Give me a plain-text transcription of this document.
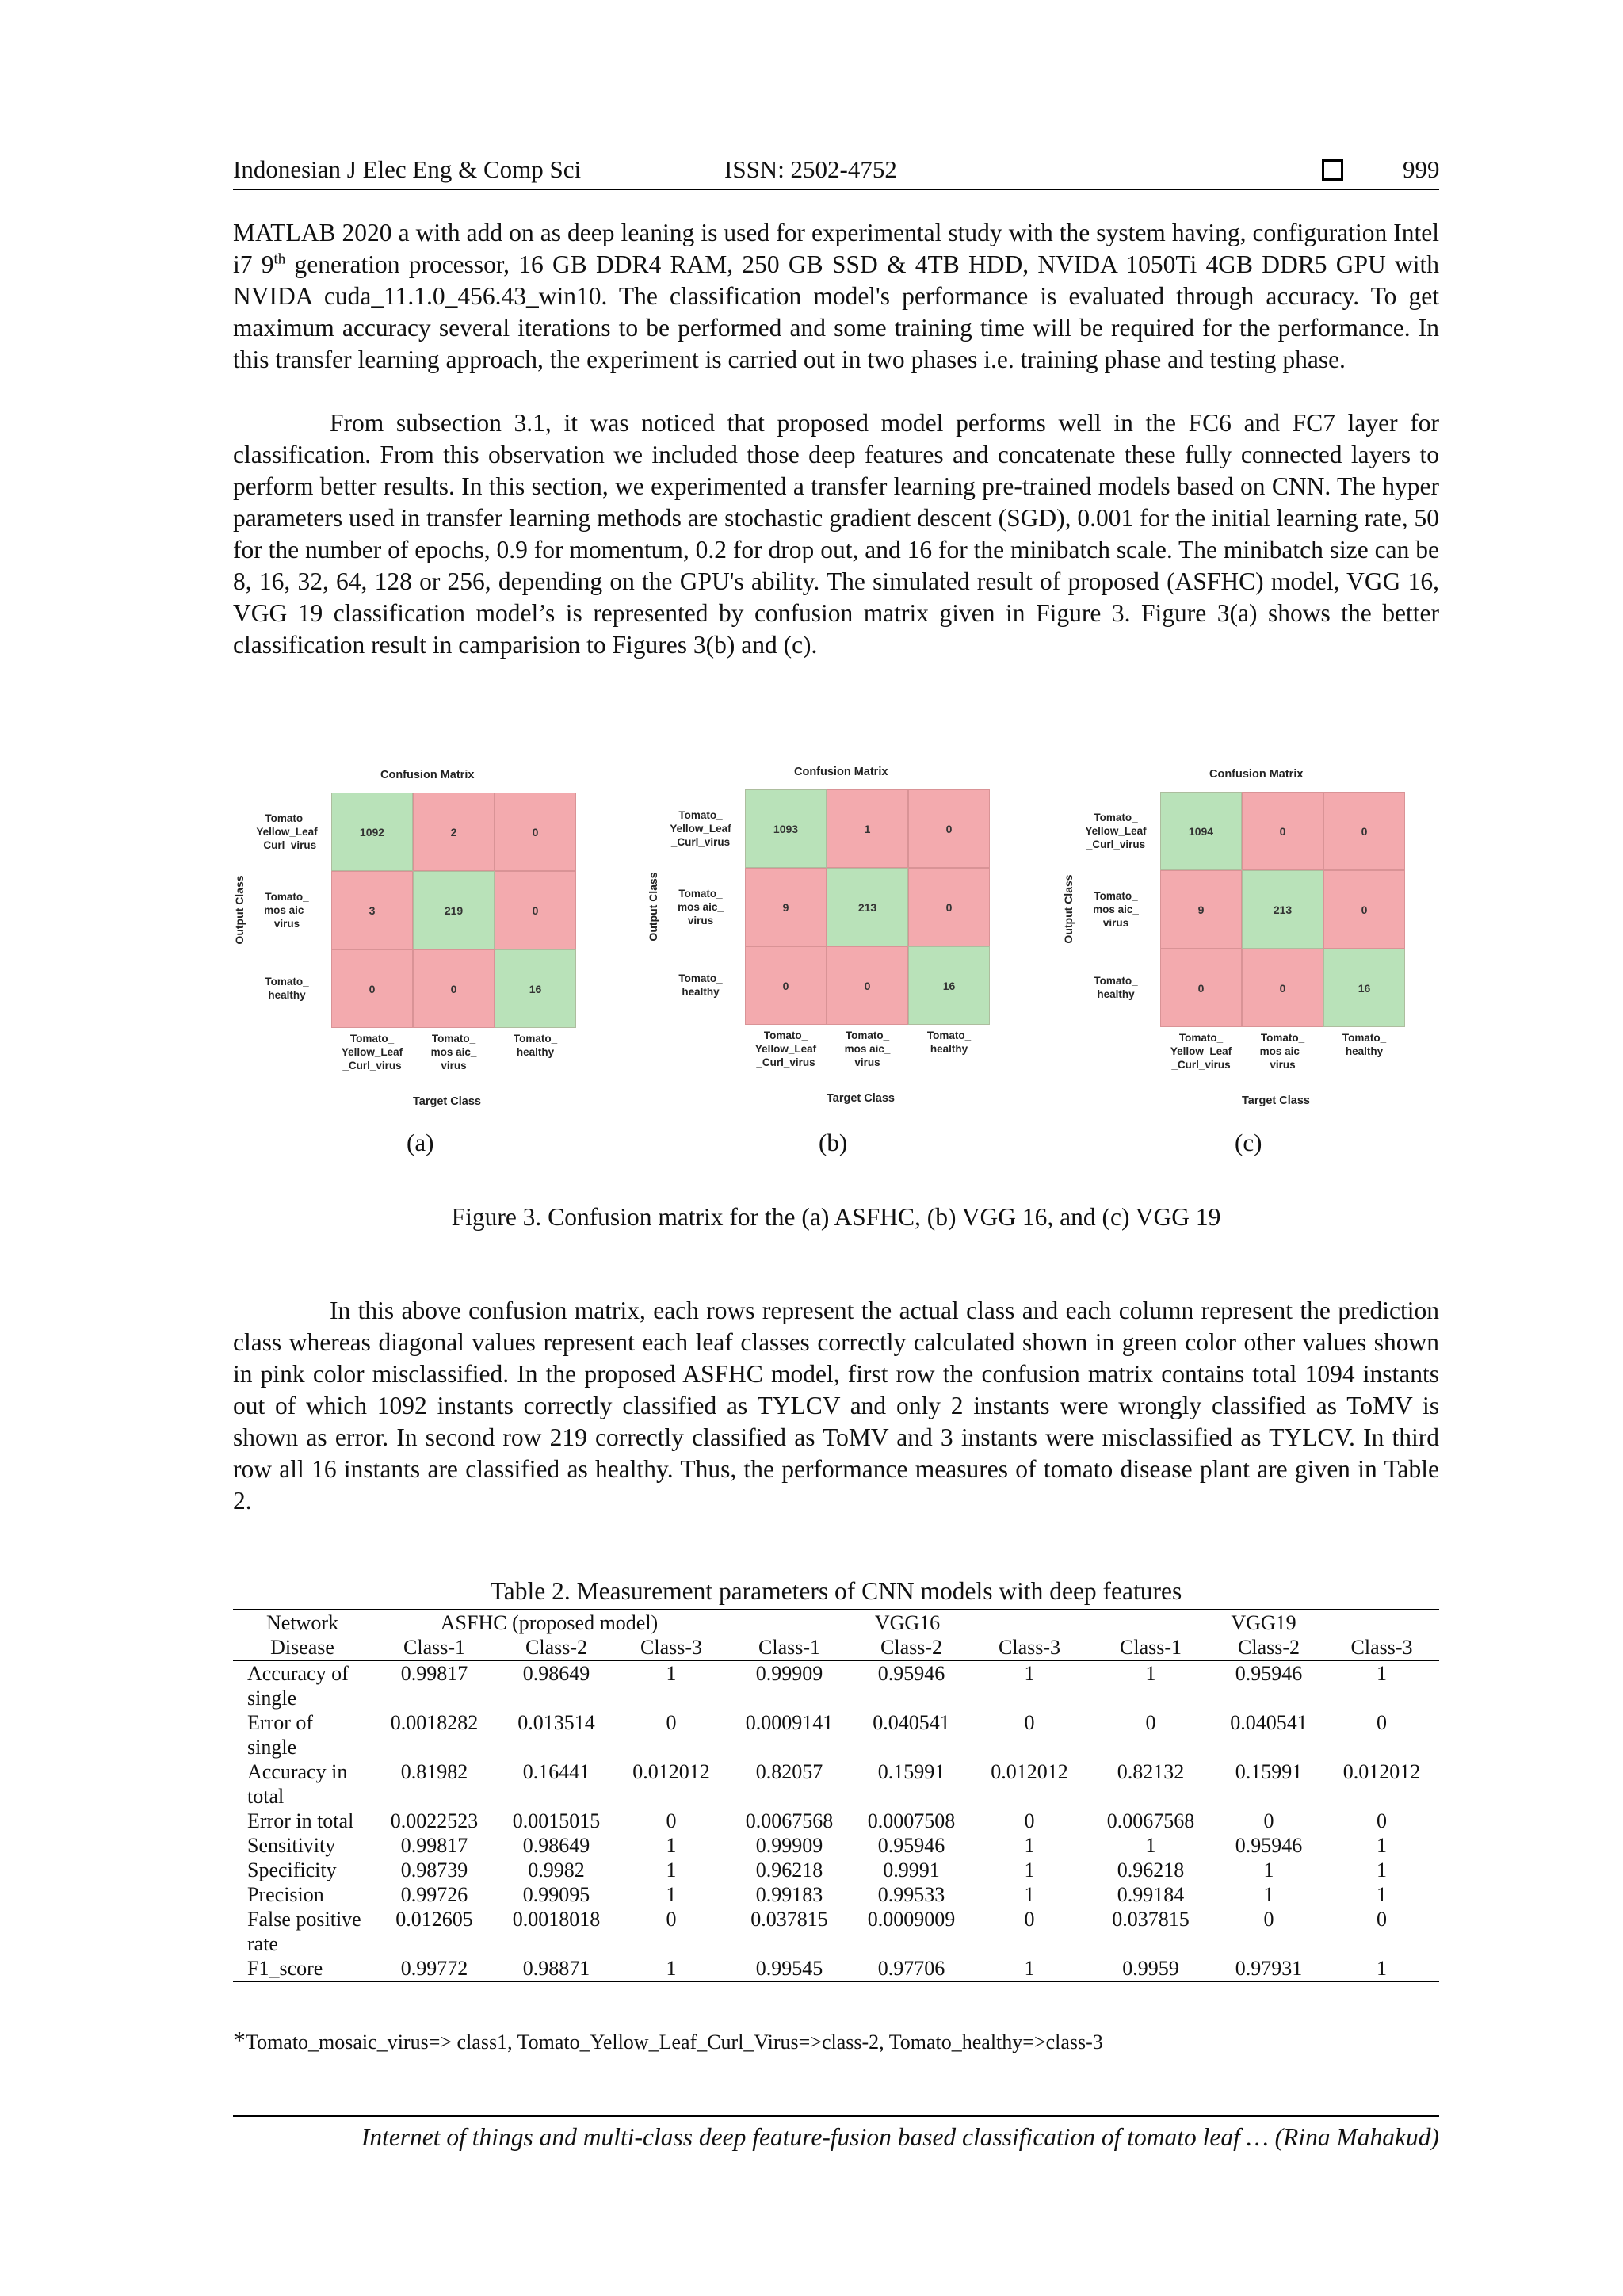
Indonesian J Elec Eng & Comp Sci	ISSN: 2502-4752	999

MATLAB 2020 a with add on as deep leaning is used for experimental study with the system having, configuration Intel i7 9th generation processor, 16 GB DDR4 RAM, 250 GB SSD & 4TB HDD, NVIDA 1050Ti 4GB DDR5 GPU with NVIDA cuda_11.1.0_456.43_win10. The classification model's performance is evaluated through accuracy. To get maximum accuracy several iterations to be performed and some training time will be required for the performance. In this transfer learning approach, the experiment is carried out in two phases i.e. training phase and testing phase.

From subsection 3.1, it was noticed that proposed model performs well in the FC6 and FC7 layer for classification. From this observation we included those deep features and concatenate these fully connected layers to perform better results. In this section, we experimented a transfer learning pre-trained models based on CNN. The hyper parameters used in transfer learning methods are stochastic gradient descent (SGD), 0.001 for the initial learning rate, 50 for the number of epochs, 0.9 for momentum, 0.2 for drop out, and 16 for the minibatch scale. The minibatch size can be 8, 16, 32, 64, 128 or 256, depending on the GPU's ability. The simulated result of proposed (ASFHC) model, VGG 16, VGG 19 classification model’s is represented by confusion matrix given in Figure 3. Figure 3(a) shows the better classification result in camparision to Figures 3(b) and (c).

Confusion Matrix
1092	2	0
3	219	0
0	0	16
Tomato_
Yellow_Leaf
_Curl_virus
Tomato_
mos aic_
virus
Tomato_
healthy
Tomato_
Yellow_Leaf
_Curl_virus
Tomato_
mos aic_
virus
Tomato_
healthy
Output Class
Target Class
(a)
Confusion Matrix
1093	1	0
9	213	0
0	0	16
Tomato_
Yellow_Leaf
_Curl_virus
Tomato_
mos aic_
virus
Tomato_
healthy
Tomato_
Yellow_Leaf
_Curl_virus
Tomato_
mos aic_
virus
Tomato_
healthy
Output Class
Target Class
(b)
Confusion Matrix
1094	0	0
9	213	0
0	0	16
Tomato_
Yellow_Leaf
_Curl_virus
Tomato_
mos aic_
virus
Tomato_
healthy
Tomato_
Yellow_Leaf
_Curl_virus
Tomato_
mos aic_
virus
Tomato_
healthy
Output Class
Target Class
(c)
Figure 3. Confusion matrix for the (a) ASFHC, (b) VGG 16, and (c) VGG 19

In this above confusion matrix, each rows represent the actual class and each column represent the prediction class whereas diagonal values represent each leaf classes correctly calculated shown in green color other values shown in pink color misclassified. In the proposed ASFHC model, first row the confusion matrix contains total 1094 instants out of which 1092 instants correctly classified as TYLCV and only 2 instants were wrongly classified as ToMV is shown as error. In second row 219 correctly classified as ToMV and 3 instants were misclassified as TYLCV. In third row all 16 instants are classified as healthy. Thus, the performance measures of tomato disease plant are given in Table 2.

Table 2. Measurement parameters of CNN models with deep features
Network	ASFHC (proposed model)			VGG16			VGG19		
Disease	Class-1	Class-2	Class-3	Class-1	Class-2	Class-3	Class-1	Class-2	Class-3
Accuracy of single	0.99817	0.98649	1	0.99909	0.95946	1	1	0.95946	1
Error of single	0.0018282	0.013514	0	0.0009141	0.040541	0	0	0.040541	0
Accuracy in total	0.81982	0.16441	0.012012	0.82057	0.15991	0.012012	0.82132	0.15991	0.012012
Error in total	0.0022523	0.0015015	0	0.0067568	0.0007508	0	0.0067568	0	0
Sensitivity	0.99817	0.98649	1	0.99909	0.95946	1	1	0.95946	1
Specificity	0.98739	0.9982	1	0.96218	0.9991	1	0.96218	1	1
Precision	0.99726	0.99095	1	0.99183	0.99533	1	0.99184	1	1
False positive rate	0.012605	0.0018018	0	0.037815	0.0009009	0	0.037815	0	0
F1_score	0.99772	0.98871	1	0.99545	0.97706	1	0.9959	0.97931	1
*Tomato_mosaic_virus=> class1, Tomato_Yellow_Leaf_Curl_Virus=>class-2, Tomato_healthy=>class-3
Internet of things and multi-class deep feature-fusion based classification of tomato leaf … (Rina Mahakud)
